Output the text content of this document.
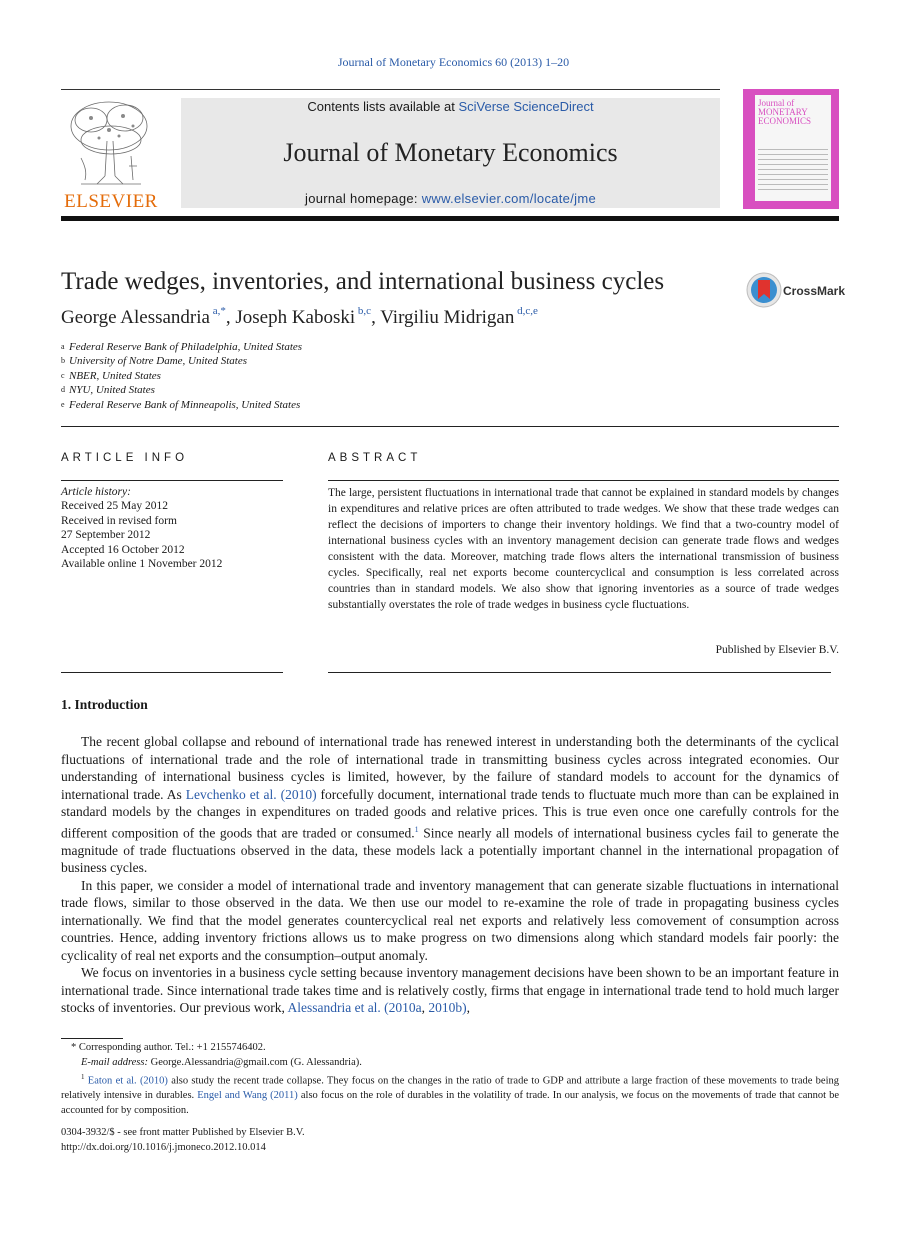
Journal of Monetary Economics 60 (2013) 1–20
ELSEVIER
Contents lists available at SciVerse ScienceDirect
Journal of Monetary Economics
journal homepage: www.elsevier.com/locate/jme
Journal of MONETARY ECONOMICS
Trade wedges, inventories, and international business cycles	CrossMark
George Alessandria $^{a,*}$, Joseph Kaboski $^{b,c}$, Virgiliu Midrigan $^{d,c,e}$
a Federal Reserve Bank of Philadelphia, United States
b University of Notre Dame, United States
c NBER, United States
d NYU, United States
e Federal Reserve Bank of Minneapolis, United States
ARTICLE INFO
Article history:
Received 25 May 2012
Received in revised form
27 September 2012
Accepted 16 October 2012
Available online 1 November 2012
ABSTRACT
The large, persistent fluctuations in international trade that cannot be explained in standard models by changes in expenditures and relative prices are often attributed to trade wedges. We show that these trade wedges can reflect the decisions of importers to change their inventory holdings. We find that a two-country model of international business cycles with an inventory management decision can generate trade flows and wedges consistent with the data. Moreover, matching trade flows alters the international transmission of business cycles. Specifically, real net exports become countercyclical and consumption is less correlated across countries than in standard models. We also show that ignoring inventories as a source of trade wedges substantially overstates the role of trade wedges in business cycle fluctuations.
Published by Elsevier B.V.
1. Introduction

The recent global collapse and rebound of international trade has renewed interest in understanding both the determinants of the cyclical fluctuations of international trade and the role of international trade in transmitting business cycles across integrated economies. Our understanding of international business cycles is limited, however, by the failure of standard models to account for the dynamics of international trade. As Levchenko et al. (2010) forcefully document, international trade tends to fluctuate much more than can be explained in standard models by the changes in expenditures on traded goods and relative prices. This is true even once one carefully controls for the different composition of the goods that are traded or consumed.$^1$ Since nearly all models of international business cycles fail to generate the magnitude of trade fluctuations observed in the data, these models lack a potentially important channel in the international propagation of business cycles.

In this paper, we consider a model of international trade and inventory management that can generate sizable fluctuations in international trade flows, similar to those observed in the data. We then use our model to re-examine the role of trade in propagating business cycles internationally. We find that the model generates countercyclical real net exports and relatively less comovement of consumption across countries. Hence, adding inventory frictions allows us to make progress on two dimensions along which standard models fair poorly: the cyclicality of real net exports and the consumption–output anomaly.

We focus on inventories in a business cycle setting because inventory management decisions have been shown to be an important feature in international trade. Since international trade takes time and is relatively costly, firms that engage in international trade tend to hold much larger stocks of inventories. Our previous work, Alessandria et al. (2010a, 2010b),

* Corresponding author. Tel.: +1 2155746402.

E-mail address: George.Alessandria@gmail.com (G. Alessandria).

$^1$ Eaton et al. (2010) also study the recent trade collapse. They focus on the changes in the ratio of trade to GDP and attribute a large fraction of these movements to trade being relatively intensive in durables. Engel and Wang (2011) also focus on the role of durables in the volatility of trade. In our analysis, we focus on the movements of trade that cannot be accounted for by composition.

0304-3932/$ - see front matter Published by Elsevier B.V.
http://dx.doi.org/10.1016/j.jmoneco.2012.10.014
